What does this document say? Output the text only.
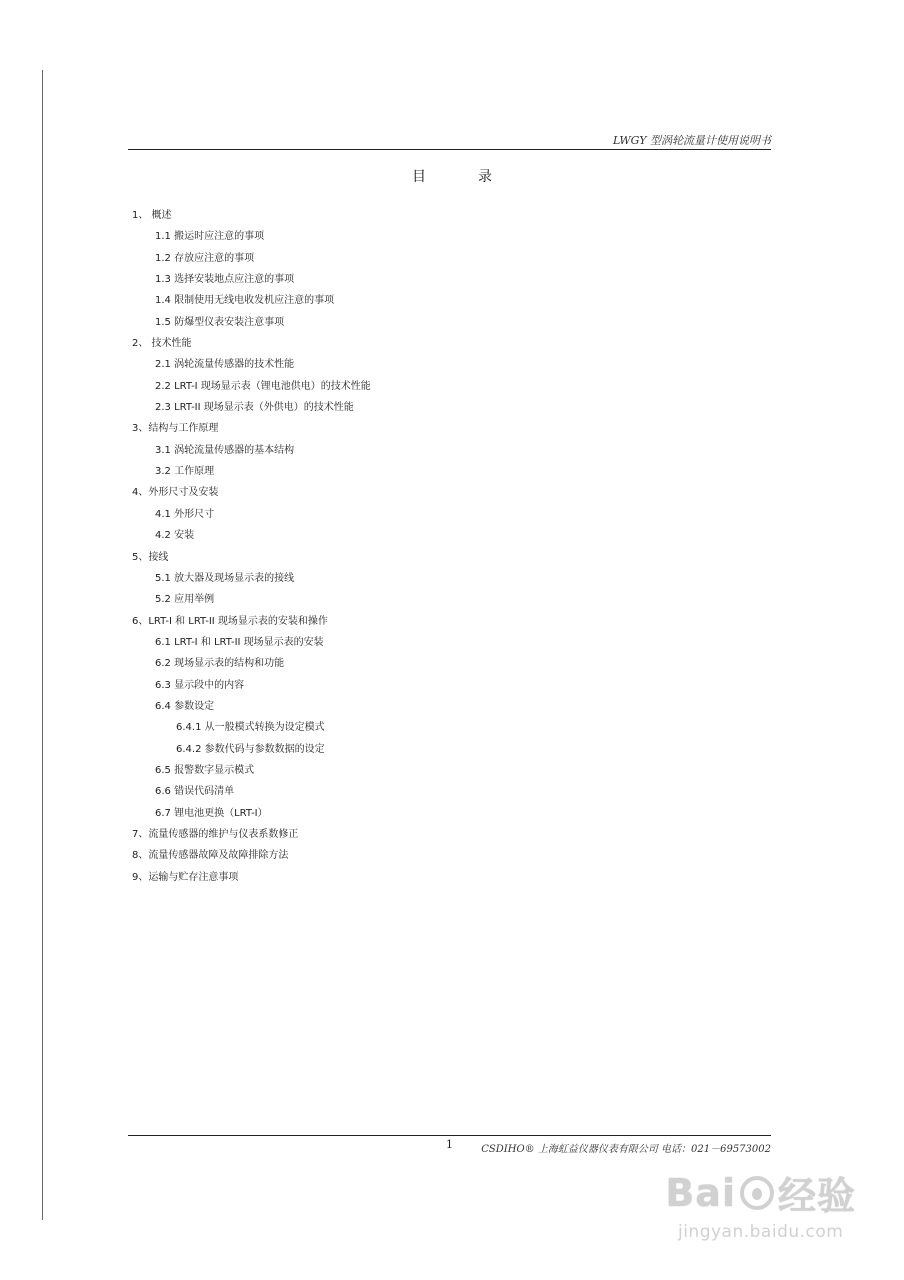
LWGY 型涡轮流量计使用说明书
目录
1、 概述
1.1 搬运时应注意的事项
1.2 存放应注意的事项
1.3 选择安装地点应注意的事项
1.4 限制使用无线电收发机应注意的事项
1.5 防爆型仪表安装注意事项
2、 技术性能
2.1 涡轮流量传感器的技术性能
2.2 LRT-I 现场显示表（锂电池供电）的技术性能
2.3 LRT-II 现场显示表（外供电）的技术性能
3、结构与工作原理
3.1 涡轮流量传感器的基本结构
3.2 工作原理
4、外形尺寸及安装
4.1 外形尺寸
4.2 安装
5、接线
5.1 放大器及现场显示表的接线
5.2 应用举例
6、LRT-I 和 LRT-II 现场显示表的安装和操作
6.1 LRT-I 和 LRT-II 现场显示表的安装
6.2 现场显示表的结构和功能
6.3 显示段中的内容
6.4 参数设定
6.4.1 从一般模式转换为设定模式
6.4.2 参数代码与参数数据的设定
6.5 报警数字显示模式
6.6 错误代码清单
6.7 锂电池更换（LRT-I）
7、流量传感器的维护与仪表系数修正
8、流量传感器故障及故障排除方法
9、运输与贮存注意事项
1	CSDIHO® 上海虹益仪器仪表有限公司 电话：021－69573002
Bai 经验
jingyan.baidu.com
